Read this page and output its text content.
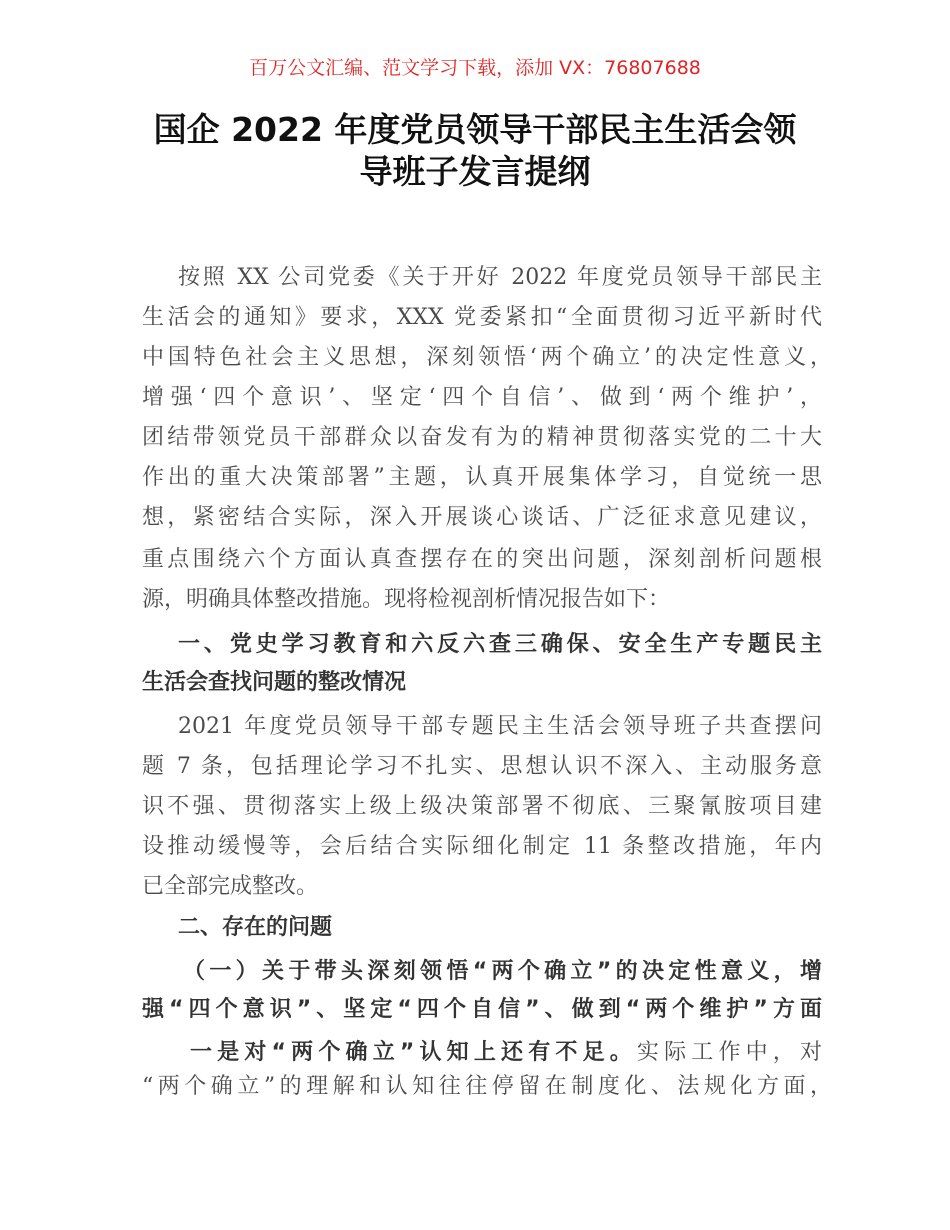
百万公文汇编、范文学习下载，添加 VX：76807688
国企 2022 年度党员领导干部民主生活会领
导班子发言提纲
按照 XX 公司党委《关于开好 2022 年度党员领导干部民主
生活会的通知》要求，XXX 党委紧扣“全面贯彻习近平新时代
中国特色社会主义思想，深刻领悟‘两个确立’的决定性意义，
增强‘四个意识’、坚定‘四个自信’、做到‘两个维护’，
团结带领党员干部群众以奋发有为的精神贯彻落实党的二十大
作出的重大决策部署”主题，认真开展集体学习，自觉统一思
想，紧密结合实际，深入开展谈心谈话、广泛征求意见建议，
重点围绕六个方面认真查摆存在的突出问题，深刻剖析问题根
源，明确具体整改措施。现将检视剖析情况报告如下：
一、党史学习教育和六反六查三确保、安全生产专题民主
生活会查找问题的整改情况
2021 年度党员领导干部专题民主生活会领导班子共查摆问
题 7 条，包括理论学习不扎实、思想认识不深入、主动服务意
识不强、贯彻落实上级上级决策部署不彻底、三聚氰胺项目建
设推动缓慢等，会后结合实际细化制定 11 条整改措施，年内
已全部完成整改。
二、存在的问题
（一）关于带头深刻领悟“两个确立”的决定性意义，增
强“四个意识”、坚定“四个自信”、做到“两个维护”方面
一是对“两个确立”认知上还有不足。实际工作中，对
“两个确立”的理解和认知往往停留在制度化、法规化方面，
